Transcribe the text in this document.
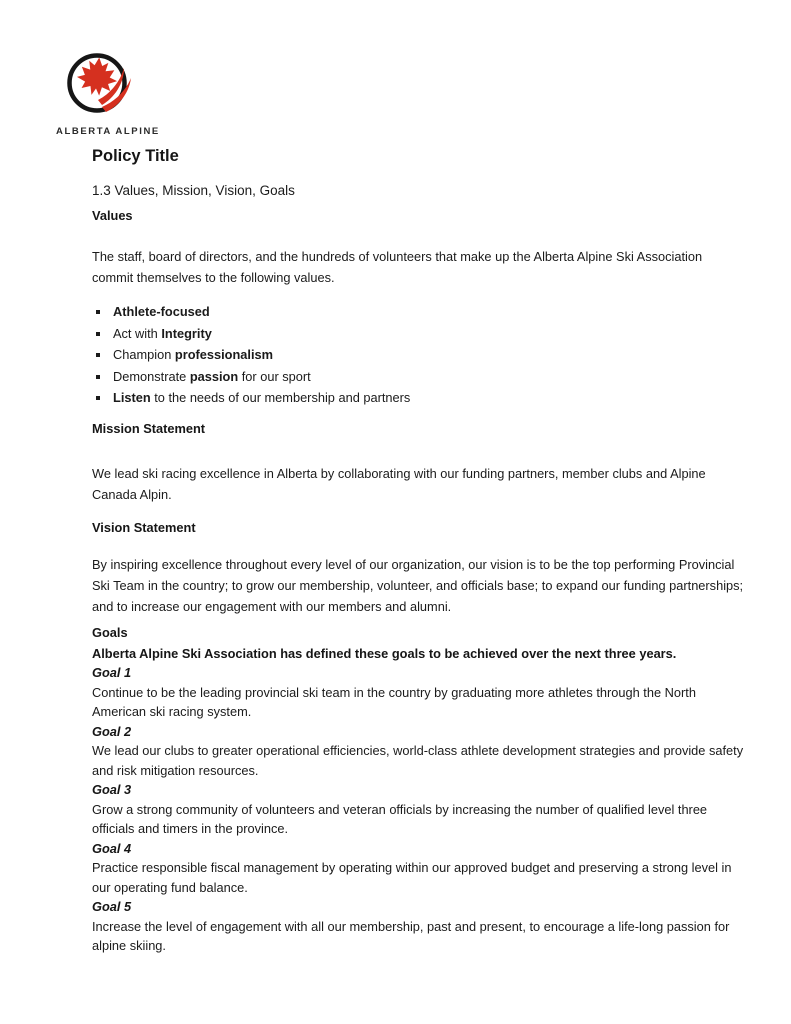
ALBERTA ALPINE
Policy Title

1.3 Values, Mission, Vision, Goals

Values

The staff, board of directors, and the hundreds of volunteers that make up the Alberta Alpine Ski Association commit themselves to the following values.

Athlete-focused
Act with Integrity
Champion professionalism
Demonstrate passion for our sport
Listen to the needs of our membership and partners
Mission Statement

We lead ski racing excellence in Alberta by collaborating with our funding partners, member clubs and Alpine Canada Alpin.

Vision Statement

By inspiring excellence throughout every level of our organization, our vision is to be the top performing Provincial Ski Team in the country; to grow our membership, volunteer, and officials base; to expand our funding partnerships; and to increase our engagement with our members and alumni.

Goals

Alberta Alpine Ski Association has defined these goals to be achieved over the next three years.

Goal 1

Continue to be the leading provincial ski team in the country by graduating more athletes through the North American ski racing system.

Goal 2

We lead our clubs to greater operational efficiencies, world-class athlete development strategies and provide safety and risk mitigation resources.

Goal 3

Grow a strong community of volunteers and veteran officials by increasing the number of qualified level three officials and timers in the province.

Goal 4

Practice responsible fiscal management by operating within our approved budget and preserving a strong level in our operating fund balance.

Goal 5

Increase the level of engagement with all our membership, past and present, to encourage a life-long passion for alpine skiing.
